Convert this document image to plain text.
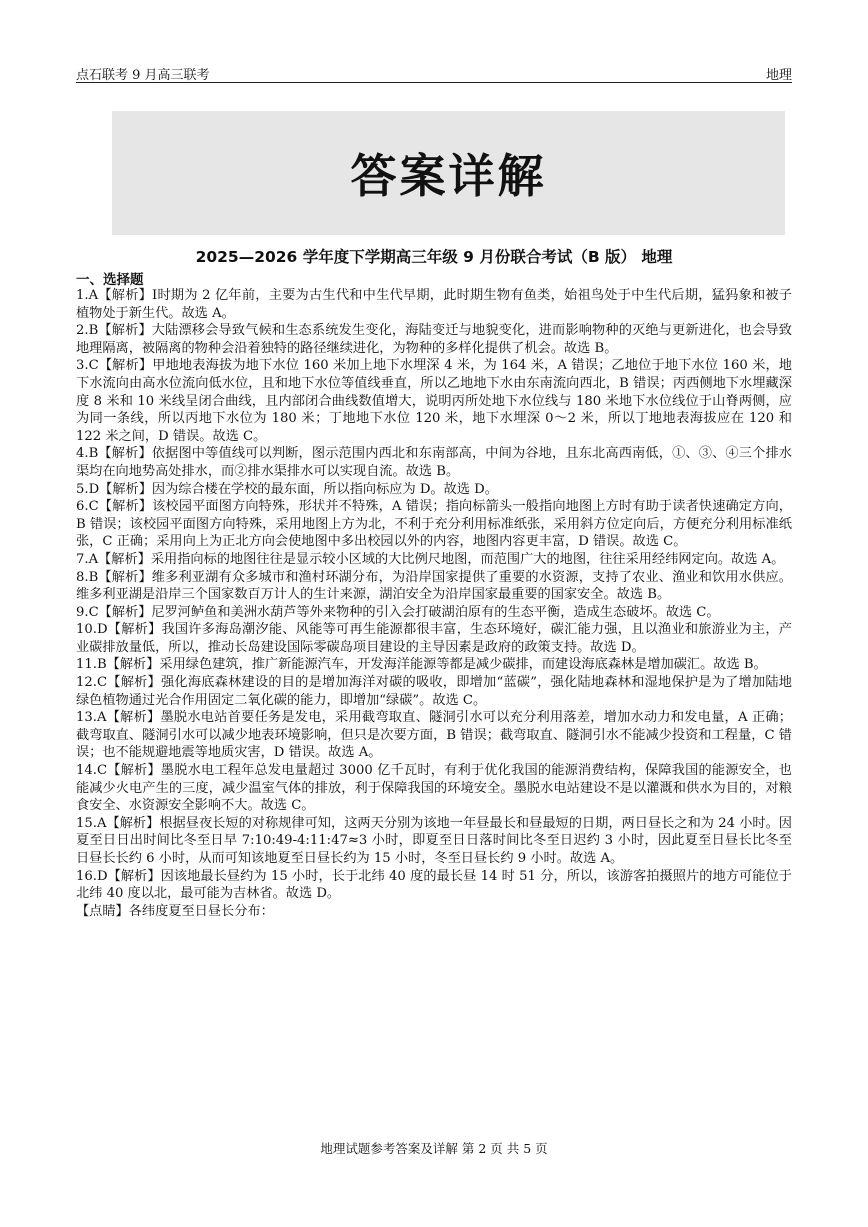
点石联考 9 月高三联考	地理
答案详解
2025—2026 学年度下学期高三年级 9 月份联合考试（B 版） 地理
一、选择题

1.A【解析】Ⅰ时期为 2 亿年前，主要为古生代和中生代早期，此时期生物有鱼类，始祖鸟处于中生代后期，猛犸象和被子植物处于新生代。故选 A。

2.B【解析】大陆漂移会导致气候和生态系统发生变化，海陆变迁与地貌变化，进而影响物种的灭绝与更新进化，也会导致地理隔离，被隔离的物种会沿着独特的路径继续进化，为物种的多样化提供了机会。故选 B。

3.C【解析】甲地地表海拔为地下水位 160 米加上地下水埋深 4 米，为 164 米，A 错误；乙地位于地下水位 160 米，地下水流向由高水位流向低水位，且和地下水位等值线垂直，所以乙地地下水由东南流向西北，B 错误；丙西侧地下水埋藏深度 8 米和 10 米线呈闭合曲线，且内部闭合曲线数值增大，说明丙所处地下水位线与 180 米地下水位线位于山脊两侧，应为同一条线，所以丙地下水位为 180 米；丁地地下水位 120 米，地下水埋深 0～2 米，所以丁地地表海拔应在 120 和 122 米之间，D 错误。故选 C。

4.B【解析】依据图中等值线可以判断，图示范围内西北和东南部高，中间为谷地，且东北高西南低，①、③、④三个排水渠均在向地势高处排水，而②排水渠排水可以实现自流。故选 B。

5.D【解析】因为综合楼在学校的最东面，所以指向标应为 D。故选 D。

6.C【解析】该校园平面图方向特殊，形状并不特殊，A 错误；指向标箭头一般指向地图上方时有助于读者快速确定方向，B 错误；该校园平面图方向特殊，采用地图上方为北，不利于充分利用标准纸张，采用斜方位定向后，方便充分利用标准纸张，C 正确；采用向上为正北方向会使地图中多出校园以外的内容，地图内容更丰富，D 错误。故选 C。

7.A【解析】采用指向标的地图往往是显示较小区域的大比例尺地图，而范围广大的地图，往往采用经纬网定向。故选 A。

8.B【解析】维多利亚湖有众多城市和渔村环湖分布，为沿岸国家提供了重要的水资源，支持了农业、渔业和饮用水供应。维多利亚湖是沿岸三个国家数百万计人的生计来源，湖泊安全为沿岸国家最重要的国家安全。故选 B。

9.C【解析】尼罗河鲈鱼和美洲水葫芦等外来物种的引入会打破湖泊原有的生态平衡，造成生态破坏。故选 C。

10.D【解析】我国许多海岛潮汐能、风能等可再生能源都很丰富，生态环境好，碳汇能力强，且以渔业和旅游业为主，产业碳排放量低，所以，推动长岛建设国际零碳岛项目建设的主导因素是政府的政策支持。故选 D。

11.B【解析】采用绿色建筑，推广新能源汽车，开发海洋能源等都是减少碳排，而建设海底森林是增加碳汇。故选 B。

12.C【解析】强化海底森林建设的目的是增加海洋对碳的吸收，即增加“蓝碳”，强化陆地森林和湿地保护是为了增加陆地绿色植物通过光合作用固定二氧化碳的能力，即增加“绿碳”。故选 C。

13.A【解析】墨脱水电站首要任务是发电，采用截弯取直、隧洞引水可以充分利用落差，增加水动力和发电量，A 正确；截弯取直、隧洞引水可以减少地表环境影响，但只是次要方面，B 错误；截弯取直、隧洞引水不能减少投资和工程量，C 错误；也不能规避地震等地质灾害，D 错误。故选 A。

14.C【解析】墨脱水电工程年总发电量超过 3000 亿千瓦时，有利于优化我国的能源消费结构，保障我国的能源安全，也能减少火电产生的三度，减少温室气体的排放，利于保障我国的环境安全。墨脱水电站建设不是以灌溉和供水为目的，对粮食安全、水资源安全影响不大。故选 C。

15.A【解析】根据昼夜长短的对称规律可知，这两天分别为该地一年昼最长和昼最短的日期，两日昼长之和为 24 小时。因夏至日日出时间比冬至日早 7:10:49-4:11:47≈3 小时，即夏至日日落时间比冬至日迟约 3 小时，因此夏至日昼长比冬至日昼长长约 6 小时，从而可知该地夏至日昼长约为 15 小时，冬至日昼长约 9 小时。故选 A。

16.D【解析】因该地最长昼约为 15 小时，长于北纬 40 度的最长昼 14 时 51 分，所以，该游客拍摄照片的地方可能位于北纬 40 度以北，最可能为吉林省。故选 D。

【点睛】各纬度夏至日昼长分布：

地理试题参考答案及详解 第 2 页 共 5 页
